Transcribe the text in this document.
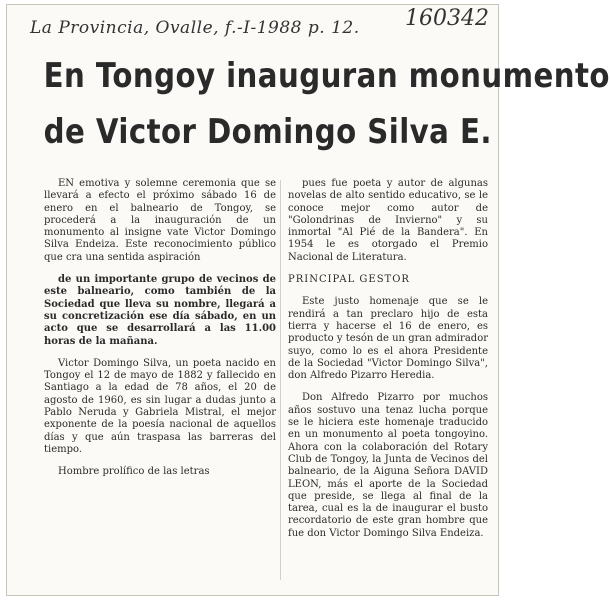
La Provincia, Ovalle, f.-I-1988 p. 12. 160342
En Tongoy inauguran monumento
de Victor Domingo Silva E.

EN emotiva y solemne ceremonia que se llevará a efecto el próximo sábado 16 de enero en el balneario de Tongoy, se procederá a la inauguración de un monumento al insigne vate Victor Domingo Silva Endeiza. Este reconocimiento público que cra una sentida aspiración

de un importante grupo de vecinos de este balneario, como también de la Sociedad que lleva su nombre, llegará a su concretización ese día sábado, en un acto que se desarrollará a las 11.00 horas de la mañana.

Victor Domingo Silva, un poeta nacido en Tongoy el 12 de mayo de 1882 y fallecido en Santiago a la edad de 78 años, el 20 de agosto de 1960, es sin lugar a dudas junto a Pablo Neruda y Gabriela Mistral, el mejor exponente de la poesía nacional de aquellos días y que aún traspasa las barreras del tiempo.

Hombre prolífico de las letras

pues fue poeta y autor de algunas novelas de alto sentido educativo, se le conoce mejor como autor de "Golondrinas de Invierno" y su inmortal "Al Pié de la Bandera". En 1954 le es otorgado el Premio Nacional de Literatura.

PRINCIPAL GESTOR

Este justo homenaje que se le rendirá a tan preclaro hijo de esta tierra y hacerse el 16 de enero, es producto y tesón de un gran admirador suyo, como lo es el ahora Presidente de la Sociedad "Victor Domingo Silva", don Alfredo Pizarro Heredia.

Don Alfredo Pizarro por muchos años sostuvo una tenaz lucha porque se le hiciera este homenaje traducido en un monumento al poeta tongoyino. Ahora con la colaboración del Rotary Club de Tongoy, la Junta de Vecinos del balneario, de la Aiguna Señora DAVID LEON, más el aporte de la Sociedad que preside, se llega al final de la tarea, cual es la de inaugurar el busto recordatorio de este gran hombre que fue don Victor Domingo Silva Endeiza.
